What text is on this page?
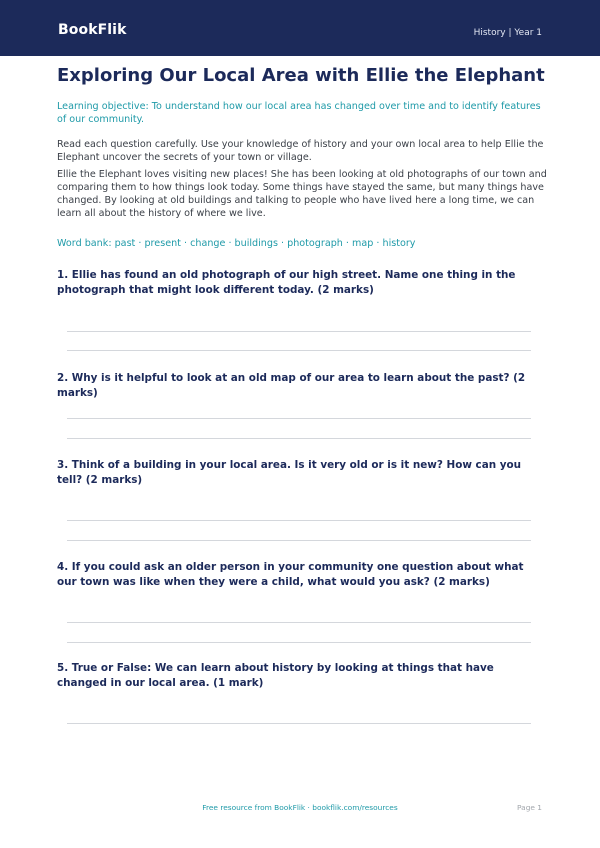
BookFlik	History | Year 1
Exploring Our Local Area with Ellie the Elephant
Learning objective: To understand how our local area has changed over time and to identify features of our community.
Read each question carefully. Use your knowledge of history and your own local area to help Ellie the Elephant uncover the secrets of your town or village.
Ellie the Elephant loves visiting new places! She has been looking at old photographs of our town and comparing them to how things look today. Some things have stayed the same, but many things have changed. By looking at old buildings and talking to people who have lived here a long time, we can learn all about the history of where we live.
Word bank: past · present · change · buildings · photograph · map · history
1. Ellie has found an old photograph of our high street. Name one thing in the photograph that might look different today. (2 marks)
2. Why is it helpful to look at an old map of our area to learn about the past? (2 marks)
3. Think of a building in your local area. Is it very old or is it new? How can you tell? (2 marks)
4. If you could ask an older person in your community one question about what our town was like when they were a child, what would you ask? (2 marks)
5. True or False: We can learn about history by looking at things that have changed in our local area. (1 mark)
Free resource from BookFlik · bookflik.com/resources	Page 1
